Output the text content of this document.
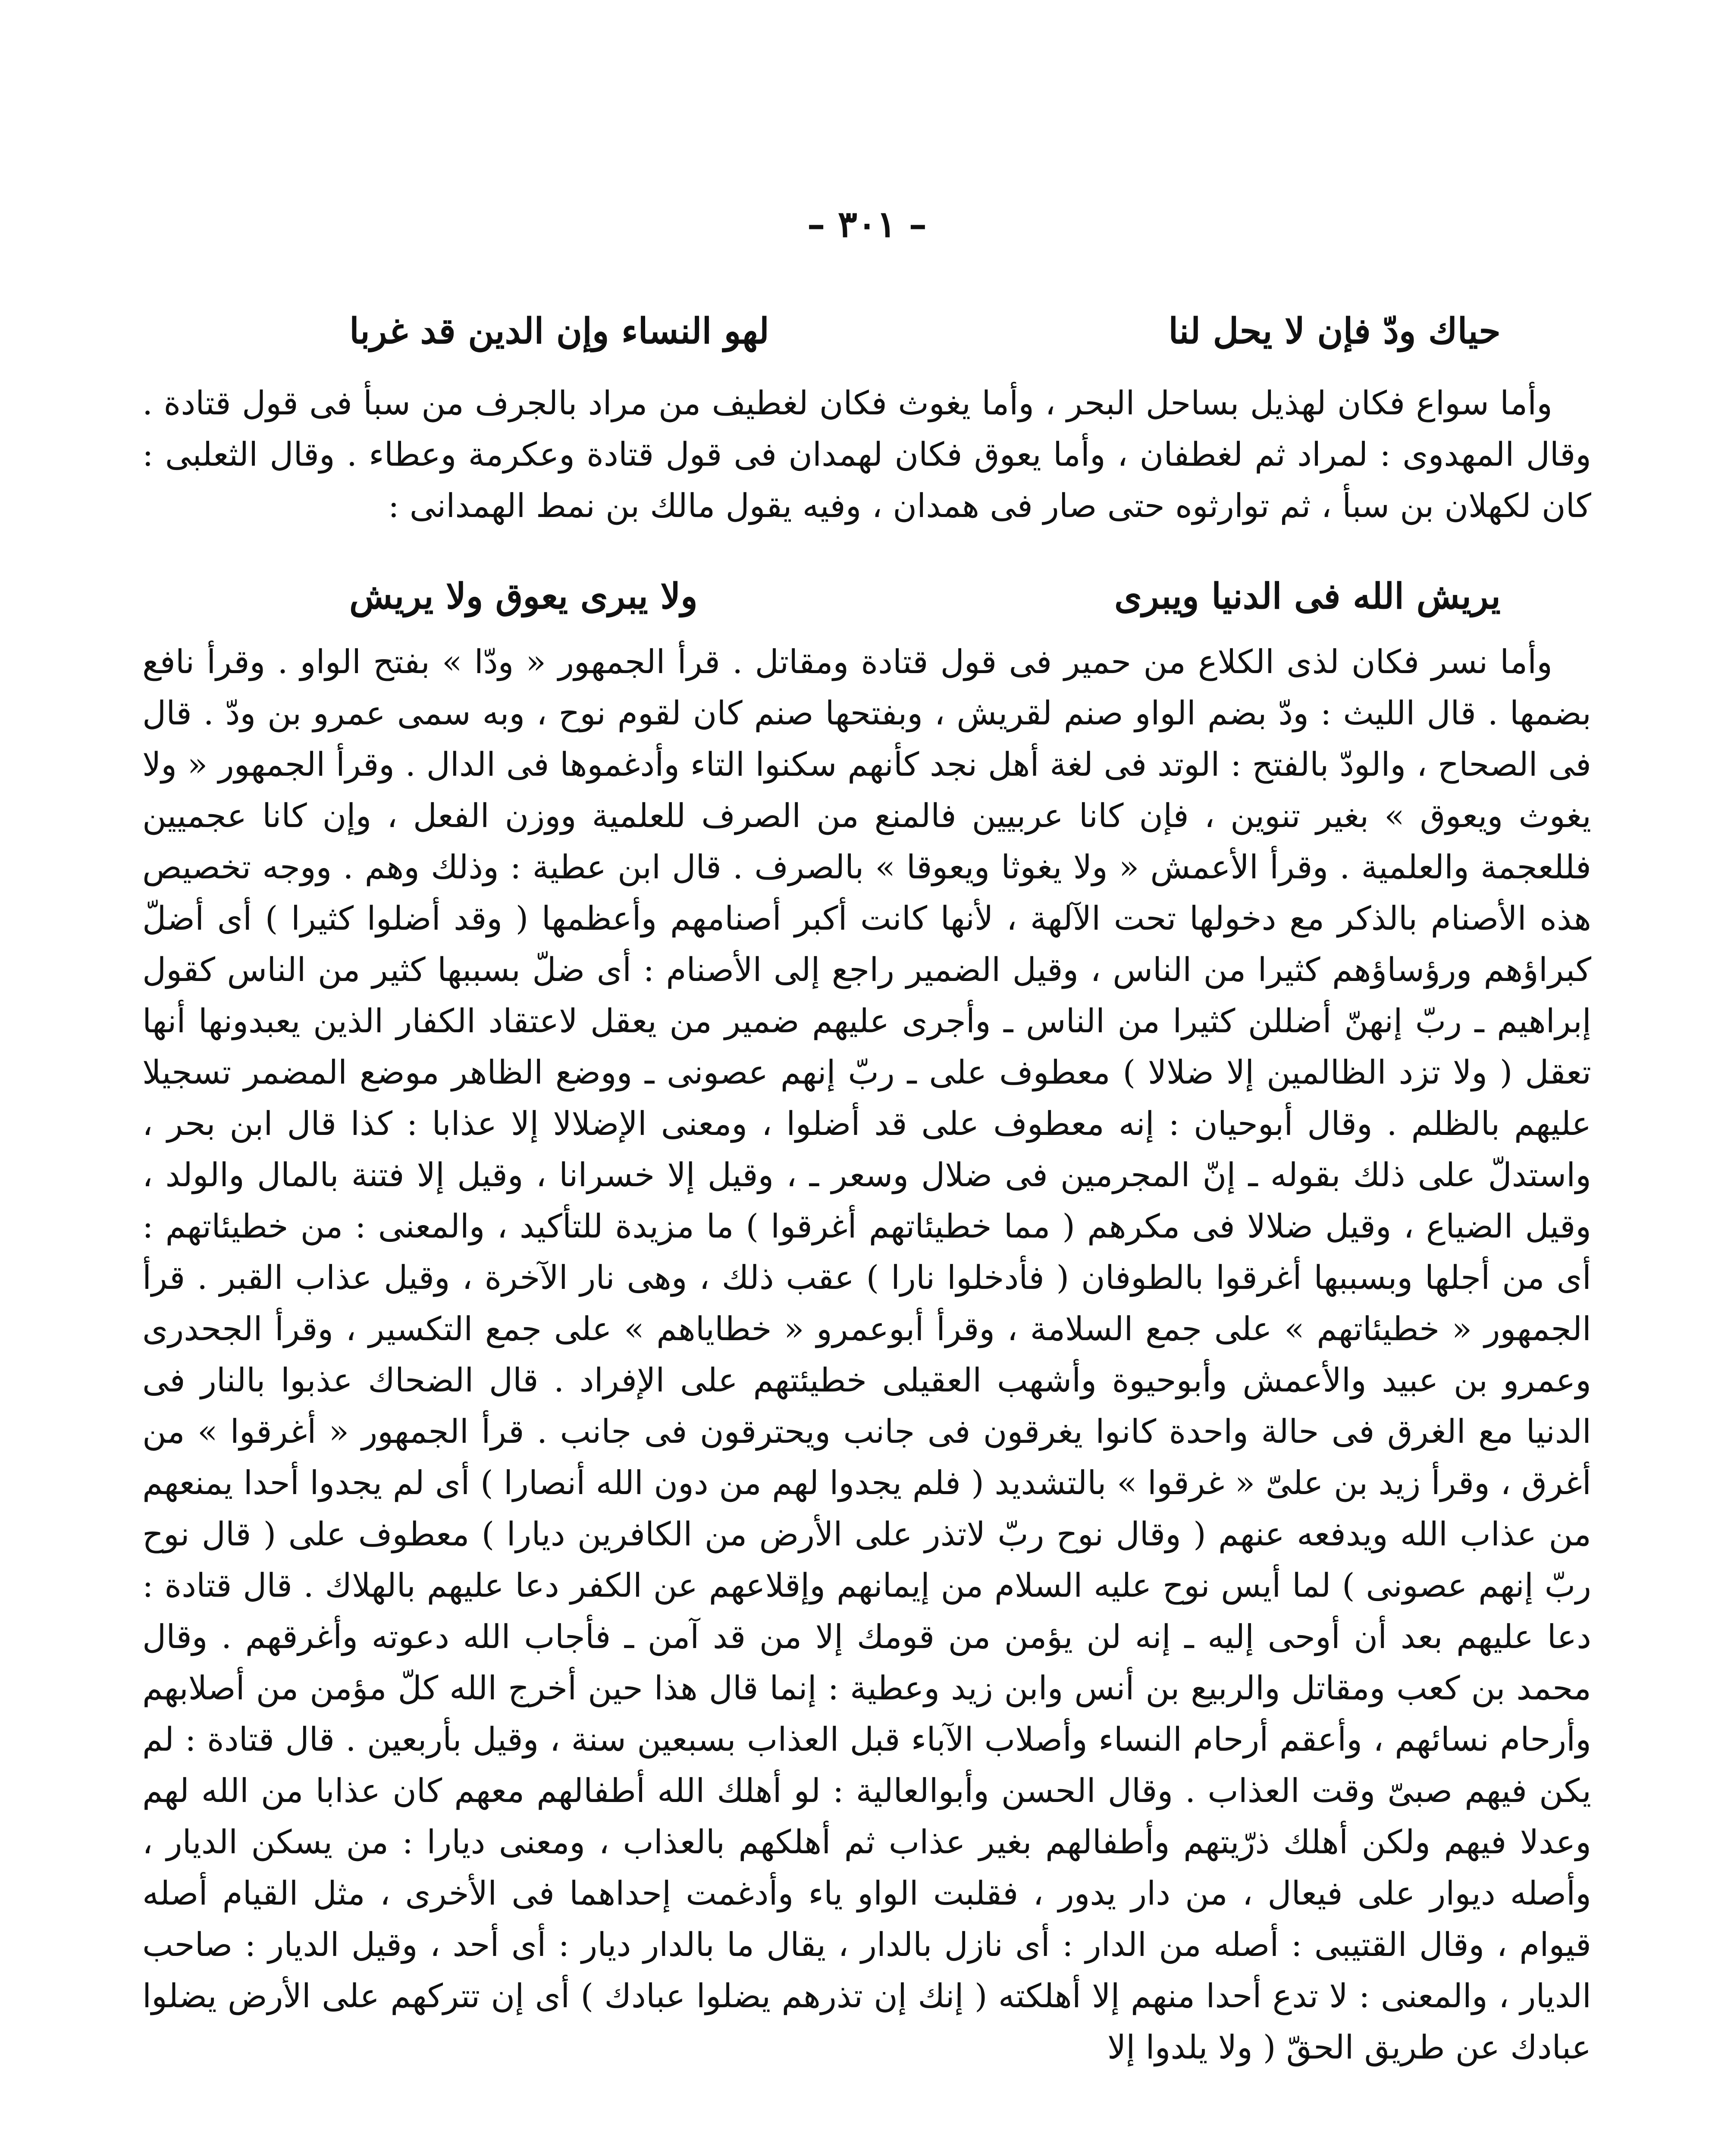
– ٣٠١ –
حياك ودّ فإن لا يحل لنا
لهو النساء وإن الدين قد غربا

وأما سواع فكان لهذيل بساحل البحر ، وأما يغوث فكان لغطيف من مراد بالجرف من سبأ فى قول قتادة . وقال المهدوى : لمراد ثم لغطفان ، وأما يعوق فكان لهمدان فى قول قتادة وعكرمة وعطاء . وقال الثعلبى : كان لكهلان بن سبأ ، ثم توارثوه حتى صار فى همدان ، وفيه يقول مالك بن نمط الهمدانى :

يريش الله فى الدنيا ويبرى
ولا يبرى يعوق ولا يريش

وأما نسر فكان لذى الكلاع من حمير فى قول قتادة ومقاتل . قرأ الجمهور « ودّا » بفتح الواو . وقرأ نافع بضمها . قال الليث : ودّ بضم الواو صنم لقريش ، وبفتحها صنم كان لقوم نوح ، وبه سمى عمرو بن ودّ . قال فى الصحاح ، والودّ بالفتح : الوتد فى لغة أهل نجد كأنهم سكنوا التاء وأدغموها فى الدال . وقرأ الجمهور « ولا يغوث ويعوق » بغير تنوين ، فإن كانا عربيين فالمنع من الصرف للعلمية ووزن الفعل ، وإن كانا عجميين فللعجمة والعلمية . وقرأ الأعمش « ولا يغوثا ويعوقا » بالصرف . قال ابن عطية : وذلك وهم . ووجه تخصيص هذه الأصنام بالذكر مع دخولها تحت الآلهة ، لأنها كانت أكبر أصنامهم وأعظمها ( وقد أضلوا كثيرا ) أى أضلّ كبراؤهم ورؤساؤهم كثيرا من الناس ، وقيل الضمير راجع إلى الأصنام : أى ضلّ بسببها كثير من الناس كقول إبراهيم ـ ربّ إنهنّ أضللن كثيرا من الناس ـ وأجرى عليهم ضمير من يعقل لاعتقاد الكفار الذين يعبدونها أنها تعقل ( ولا تزد الظالمين إلا ضلالا ) معطوف على ـ ربّ إنهم عصونى ـ ووضع الظاهر موضع المضمر تسجيلا عليهم بالظلم . وقال أبوحيان : إنه معطوف على قد أضلوا ، ومعنى الإضلالا إلا عذابا : كذا قال ابن بحر ، واستدلّ على ذلك بقوله ـ إنّ المجرمين فى ضلال وسعر ـ ، وقيل إلا خسرانا ، وقيل إلا فتنة بالمال والولد ، وقيل الضياع ، وقيل ضلالا فى مكرهم ( مما خطيئاتهم أغرقوا ) ما مزيدة للتأكيد ، والمعنى : من خطيئاتهم : أى من أجلها وبسببها أغرقوا بالطوفان ( فأدخلوا نارا ) عقب ذلك ، وهى نار الآخرة ، وقيل عذاب القبر . قرأ الجمهور « خطيئاتهم » على جمع السلامة ، وقرأ أبوعمرو « خطاياهم » على جمع التكسير ، وقرأ الجحدرى وعمرو بن عبيد والأعمش وأبوحيوة وأشهب العقيلى خطيئتهم على الإفراد . قال الضحاك عذبوا بالنار فى الدنيا مع الغرق فى حالة واحدة كانوا يغرقون فى جانب ويحترقون فى جانب . قرأ الجمهور « أغرقوا » من أغرق ، وقرأ زيد بن علىّ « غرقوا » بالتشديد ( فلم يجدوا لهم من دون الله أنصارا ) أى لم يجدوا أحدا يمنعهم من عذاب الله ويدفعه عنهم ( وقال نوح ربّ لاتذر على الأرض من الكافرين ديارا ) معطوف على ( قال نوح ربّ إنهم عصونى ) لما أيس نوح عليه السلام من إيمانهم وإقلاعهم عن الكفر دعا عليهم بالهلاك . قال قتادة : دعا عليهم بعد أن أوحى إليه ـ إنه لن يؤمن من قومك إلا من قد آمن ـ فأجاب الله دعوته وأغرقهم . وقال محمد بن كعب ومقاتل والربيع بن أنس وابن زيد وعطية : إنما قال هذا حين أخرج الله كلّ مؤمن من أصلابهم وأرحام نسائهم ، وأعقم أرحام النساء وأصلاب الآباء قبل العذاب بسبعين سنة ، وقيل بأربعين . قال قتادة : لم يكن فيهم صبىّ وقت العذاب . وقال الحسن وأبوالعالية : لو أهلك الله أطفالهم معهم كان عذابا من الله لهم وعدلا فيهم ولكن أهلك ذرّيتهم وأطفالهم بغير عذاب ثم أهلكهم بالعذاب ، ومعنى ديارا : من يسكن الديار ، وأصله ديوار على فيعال ، من دار يدور ، فقلبت الواو ياء وأدغمت إحداهما فى الأخرى ، مثل القيام أصله قيوام ، وقال القتيبى : أصله من الدار : أى نازل بالدار ، يقال ما بالدار ديار : أى أحد ، وقيل الديار : صاحب الديار ، والمعنى : لا تدع أحدا منهم إلا أهلكته ( إنك إن تذرهم يضلوا عبادك ) أى إن تتركهم على الأرض يضلوا عبادك عن طريق الحقّ ( ولا يلدوا إلا
